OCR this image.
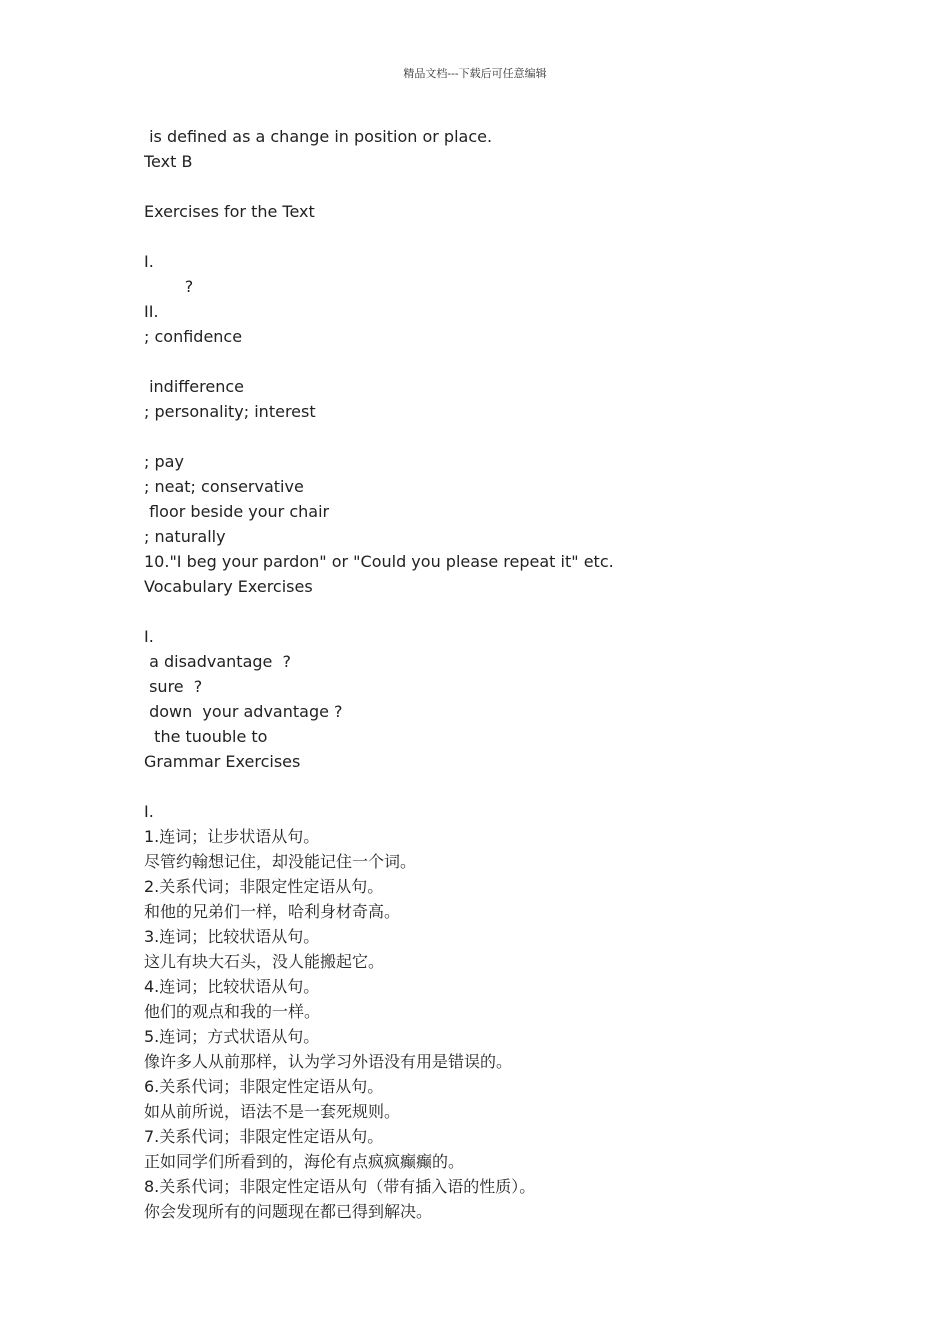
精品文档---下载后可任意编辑
is defined as a change in position or place.
Text B
Exercises for the Text
I.
?
II.
; confidence
indifference
; personality; interest
; pay
; neat; conservative
floor beside your chair
; naturally
10."I beg your pardon" or "Could you please repeat it" etc.
Vocabulary Exercises
I.
a disadvantage  ?
sure  ?
down  your advantage ?
the tuouble to
Grammar Exercises
I.
1.连词；让步状语从句。
尽管约翰想记住，却没能记住一个词。
2.关系代词；非限定性定语从句。
和他的兄弟们一样，哈利身材奇高。
3.连词；比较状语从句。
这儿有块大石头，没人能搬起它。
4.连词；比较状语从句。
他们的观点和我的一样。
5.连词；方式状语从句。
像许多人从前那样，认为学习外语没有用是错误的。
6.关系代词；非限定性定语从句。
如从前所说，语法不是一套死规则。
7.关系代词；非限定性定语从句。
正如同学们所看到的，海伦有点疯疯癫癫的。
8.关系代词；非限定性定语从句（带有插入语的性质）。
你会发现所有的问题现在都已得到解决。
